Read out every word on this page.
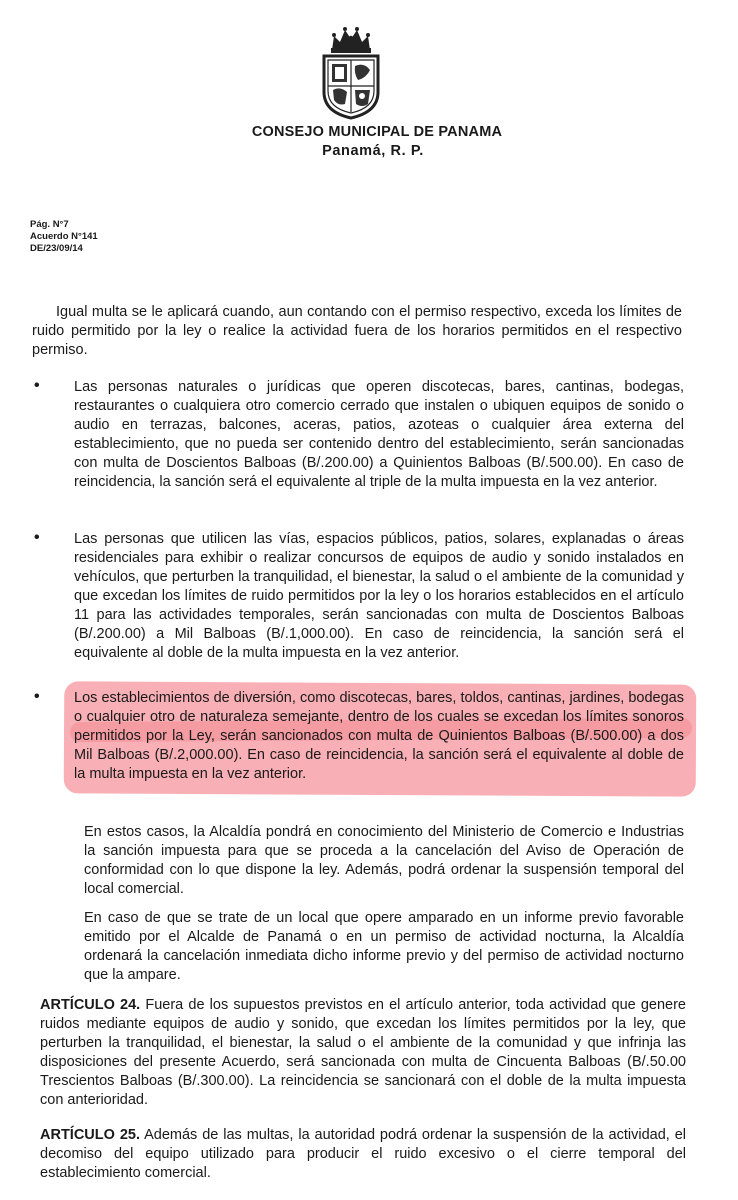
CONSEJO MUNICIPAL DE PANAMA
Panamá, R. P.
Pág. N°7
Acuerdo N°141
DE/23/09/14

Igual multa se le aplicará cuando, aun contando con el permiso respectivo, exceda los límites de ruido permitido por la ley o realice la actividad fuera de los horarios permitidos en el respectivo permiso.

• Las personas naturales o jurídicas que operen discotecas, bares, cantinas, bodegas, restaurantes o cualquiera otro comercio cerrado que instalen o ubiquen equipos de sonido o audio en terrazas, balcones, aceras, patios, azoteas o cualquier área externa del establecimiento, que no pueda ser contenido dentro del establecimiento, serán sancionadas con multa de Doscientos Balboas (B/.200.00) a Quinientos Balboas (B/.500.00). En caso de reincidencia, la sanción será el equivalente al triple de la multa impuesta en la vez anterior.

• Las personas que utilicen las vías, espacios públicos, patios, solares, explanadas o áreas residenciales para exhibir o realizar concursos de equipos de audio y sonido instalados en vehículos, que perturben la tranquilidad, el bienestar, la salud o el ambiente de la comunidad y que excedan los límites de ruido permitidos por la ley o los horarios establecidos en el artículo 11 para las actividades temporales, serán sancionadas con multa de Doscientos Balboas (B/.200.00) a Mil Balboas (B/.1,000.00). En caso de reincidencia, la sanción será el equivalente al doble de la multa impuesta en la vez anterior.

• Los establecimientos de diversión, como discotecas, bares, toldos, cantinas, jardines, bodegas o cualquier otro de naturaleza semejante, dentro de los cuales se excedan los límites sonoros permitidos por la Ley, serán sancionados con multa de Quinientos Balboas (B/.500.00) a dos Mil Balboas (B/.2,000.00). En caso de reincidencia, la sanción será el equivalente al doble de la multa impuesta en la vez anterior.

En estos casos, la Alcaldía pondrá en conocimiento del Ministerio de Comercio e Industrias la sanción impuesta para que se proceda a la cancelación del Aviso de Operación de conformidad con lo que dispone la ley. Además, podrá ordenar la suspensión temporal del local comercial.

En caso de que se trate de un local que opere amparado en un informe previo favorable emitido por el Alcalde de Panamá o en un permiso de actividad nocturna, la Alcaldía ordenará la cancelación inmediata dicho informe previo y del permiso de actividad nocturno que la ampare.

ARTÍCULO 24. Fuera de los supuestos previstos en el artículo anterior, toda actividad que genere ruidos mediante equipos de audio y sonido, que excedan los límites permitidos por la ley, que perturben la tranquilidad, el bienestar, la salud o el ambiente de la comunidad y que infrinja las disposiciones del presente Acuerdo, será sancionada con multa de Cincuenta Balboas (B/.50.00 Trescientos Balboas (B/.300.00). La reincidencia se sancionará con el doble de la multa impuesta con anterioridad.

ARTÍCULO 25. Además de las multas, la autoridad podrá ordenar la suspensión de la actividad, el decomiso del equipo utilizado para producir el ruido excesivo o el cierre temporal del establecimiento comercial.
